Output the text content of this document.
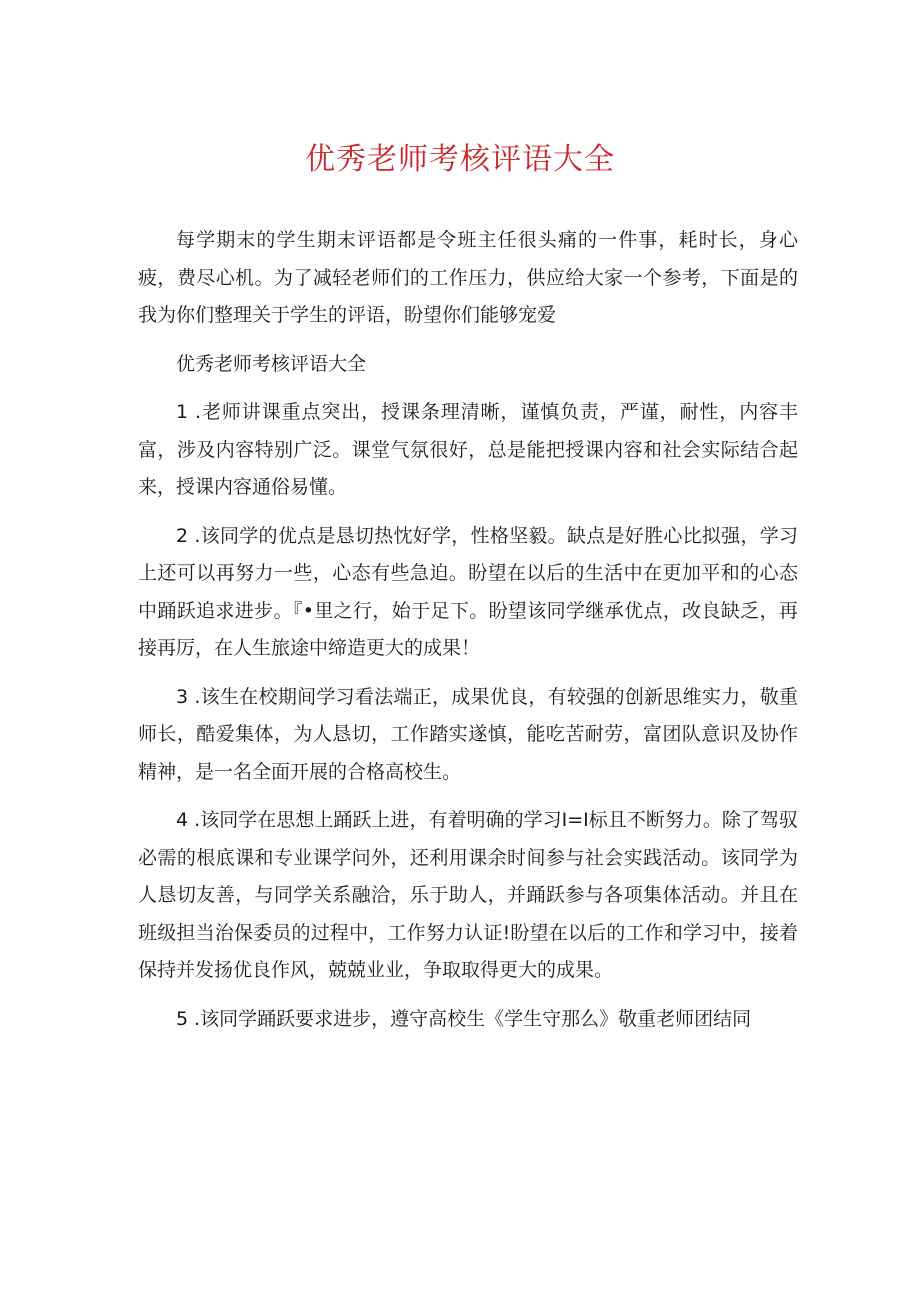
优秀老师考核评语大全

每学期末的学生期末评语都是令班主任很头痛的一件事，耗时长，身心疲，费尽心机。为了减轻老师们的工作压力，供应给大家一个参考，下面是的我为你们整理关于学生的评语，盼望你们能够宠爱

优秀老师考核评语大全

1 .老师讲课重点突出，授课条理清晰，谨慎负责，严谨，耐性，内容丰富，涉及内容特别广泛。课堂气氛很好，总是能把授课内容和社会实际结合起来，授课内容通俗易懂。

2 .该同学的优点是恳切热忱好学，性格坚毅。缺点是好胜心比拟强，学习上还可以再努力一些，心态有些急迫。盼望在以后的生活中在更加平和的心态中踊跃追求进步。『•里之行，始于足下。盼望该同学继承优点，改良缺乏，再接再厉，在人生旅途中缔造更大的成果！

3 .该生在校期间学习看法端正，成果优良，有较强的创新思维实力，敬重师长，酷爱集体，为人恳切，工作踏实遂慎，能吃苦耐劳，富团队意识及协作精神，是一名全面开展的合格高校生。

4 .该同学在思想上踊跃上进，有着明确的学习I=I标且不断努力。除了驾驭必需的根底课和专业课学问外，还利用课余时间参与社会实践活动。该同学为人恳切友善，与同学关系融洽，乐于助人，并踊跃参与各项集体活动。并且在班级担当治保委员的过程中，工作努力认证!盼望在以后的工作和学习中，接着保持并发扬优良作风，兢兢业业，争取取得更大的成果。

5 .该同学踊跃要求进步，遵守高校生《学生守那么》敬重老师团结同
